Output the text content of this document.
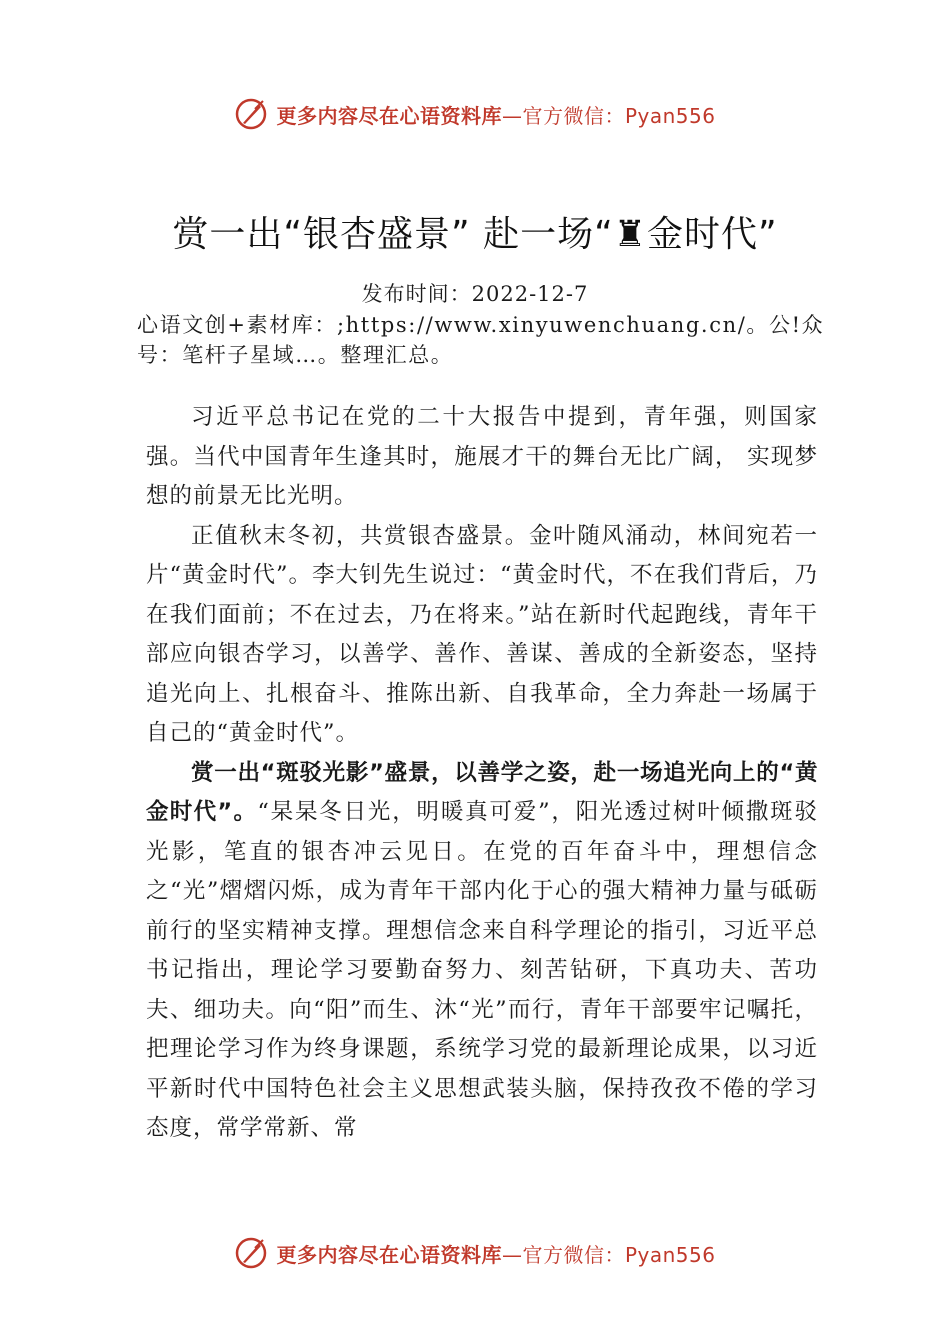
更多内容尽在心语资料库—官方微信：Pyan556
赏一出“银杏盛景” 赴一场“♜金时代”
发布时间：2022-12-7
心语文创+素材库：;https://www.xinyuwenchuang.cn/。公!众号：笔杆子星域…。整理汇总。

习近平总书记在党的二十大报告中提到，青年强，则国家强。当代中国青年生逢其时，施展才干的舞台无比广阔， 实现梦想的前景无比光明。

正值秋末冬初，共赏银杏盛景。金叶随风涌动，林间宛若一片“黄金时代”。李大钊先生说过：“黄金时代，不在我们背后，乃在我们面前；不在过去，乃在将来。”站在新时代起跑线，青年干部应向银杏学习，以善学、善作、善谋、善成的全新姿态，坚持追光向上、扎根奋斗、推陈出新、自我革命，全力奔赴一场属于自己的“黄金时代”。

赏一出“斑驳光影”盛景，以善学之姿，赴一场追光向上的“黄金时代”。“杲杲冬日光，明暖真可爱”，阳光透过树叶倾撒斑驳光影，笔直的银杏冲云见日。在党的百年奋斗中，理想信念之“光”熠熠闪烁，成为青年干部内化于心的强大精神力量与砥砺前行的坚实精神支撑。理想信念来自科学理论的指引，习近平总书记指出，理论学习要勤奋努力、刻苦钻研，下真功夫、苦功夫、细功夫。向“阳”而生、沐“光”而行，青年干部要牢记嘱托，把理论学习作为终身课题，系统学习党的最新理论成果，以习近平新时代中国特色社会主义思想武装头脑，保持孜孜不倦的学习态度，常学常新、常

更多内容尽在心语资料库—官方微信：Pyan556
